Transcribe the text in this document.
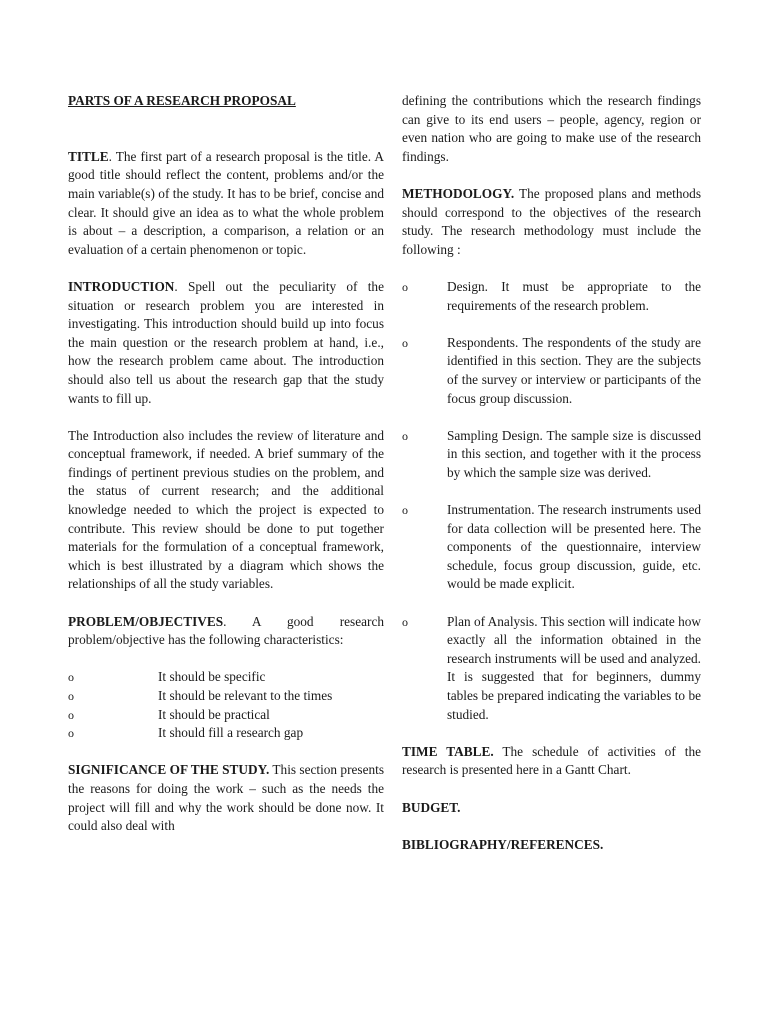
PARTS OF A RESEARCH PROPOSAL

TITLE. The first part of a research proposal is the title. A good title should reflect the content, problems and/or the main variable(s) of the study. It has to be brief, concise and clear. It should give an idea as to what the whole problem is about – a description, a comparison, a relation or an evaluation of a certain phenomenon or topic.

INTRODUCTION. Spell out the peculiarity of the situation or research problem you are interested in investigating. This introduction should build up into focus the main question or the research problem at hand, i.e., how the research problem came about. The introduction should also tell us about the research gap that the study wants to fill up.

The Introduction also includes the review of literature and conceptual framework, if needed. A brief summary of the findings of pertinent previous studies on the problem, and the status of current research; and the additional knowledge needed to which the project is expected to contribute. This review should be done to put together materials for the formulation of a conceptual framework, which is best illustrated by a diagram which shows the relationships of all the study variables.

PROBLEM/OBJECTIVES. A good research problem/objective has the following characteristics:

o	It should be specific
o	It should be relevant to the times
o	It should be practical
o	It should fill a research gap

SIGNIFICANCE OF THE STUDY. This section presents the reasons for doing the work – such as the needs the project will fill and why the work should be done now. It could also deal with

defining the contributions which the research findings can give to its end users – people, agency, region or even nation who are going to make use of the research findings.

METHODOLOGY. The proposed plans and methods should correspond to the objectives of the research study. The research methodology must include the following :

o	Design. It must be appropriate to the requirements of the research problem.
o	Respondents. The respondents of the study are identified in this section. They are the subjects of the survey or interview or participants of the focus group discussion.
o	Sampling Design. The sample size is discussed in this section, and together with it the process by which the sample size was derived.
o	Instrumentation. The research instruments used for data collection will be presented here. The components of the questionnaire, interview schedule, focus group discussion, guide, etc. would be made explicit.
o	Plan of Analysis. This section will indicate how exactly all the information obtained in the research instruments will be used and analyzed. It is suggested that for beginners, dummy tables be prepared indicating the variables to be studied.

TIME TABLE. The schedule of activities of the research is presented here in a Gantt Chart.

BUDGET.

BIBLIOGRAPHY/REFERENCES.
